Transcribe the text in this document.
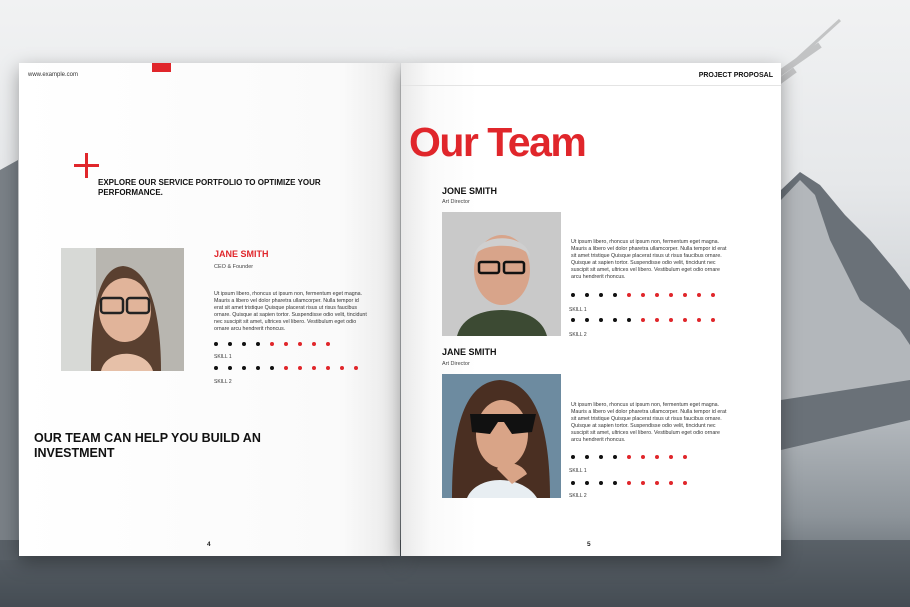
www.example.com
EXPLORE OUR SERVICE PORTFOLIO TO OPTIMIZE YOUR PERFORMANCE.
JANE SMITH
CEO & Founder
Ut ipsum libero, rhoncus ut ipsum non, fermentum eget magna. Mauris a libero vel dolor pharetra ullamcorper. Nulla tempor id erat sit amet tristique Quisque placerat risus ut risus faucibus ornare. Quisque at sapien tortor. Suspendisse odio velit, tincidunt nec suscipit sit amet, ultrices vel libero. Vestibulum eget odio ornare arcu hendrerit rhoncus.
SKILL 1
SKILL 2
OUR TEAM CAN HELP YOU BUILD AN INVESTMENT
4
PROJECT PROPOSAL
Our Team
JONE SMITH
Art Director
Ut ipsum libero, rhoncus ut ipsum non, fermentum eget magna. Mauris a libero vel dolor pharetra ullamcorper. Nulla tempor id erat sit amet tristique Quisque placerat risus ut risus faucibus ornare. Quisque at sapien tortor. Suspendisse odio velit, tincidunt nec suscipit sit amet, ultrices vel libero. Vestibulum eget odio ornare arcu hendrerit rhoncus.
SKILL 1
SKILL 2
JANE SMITH
Art Director
Ut ipsum libero, rhoncus ut ipsum non, fermentum eget magna. Mauris a libero vel dolor pharetra ullamcorper. Nulla tempor id erat sit amet tristique Quisque placerat risus ut risus faucibus ornare. Quisque at sapien tortor. Suspendisse odio velit, tincidunt nec suscipit sit amet, ultrices vel libero. Vestibulum eget odio ornare arcu hendrerit rhoncus.
SKILL 1
SKILL 2
5
